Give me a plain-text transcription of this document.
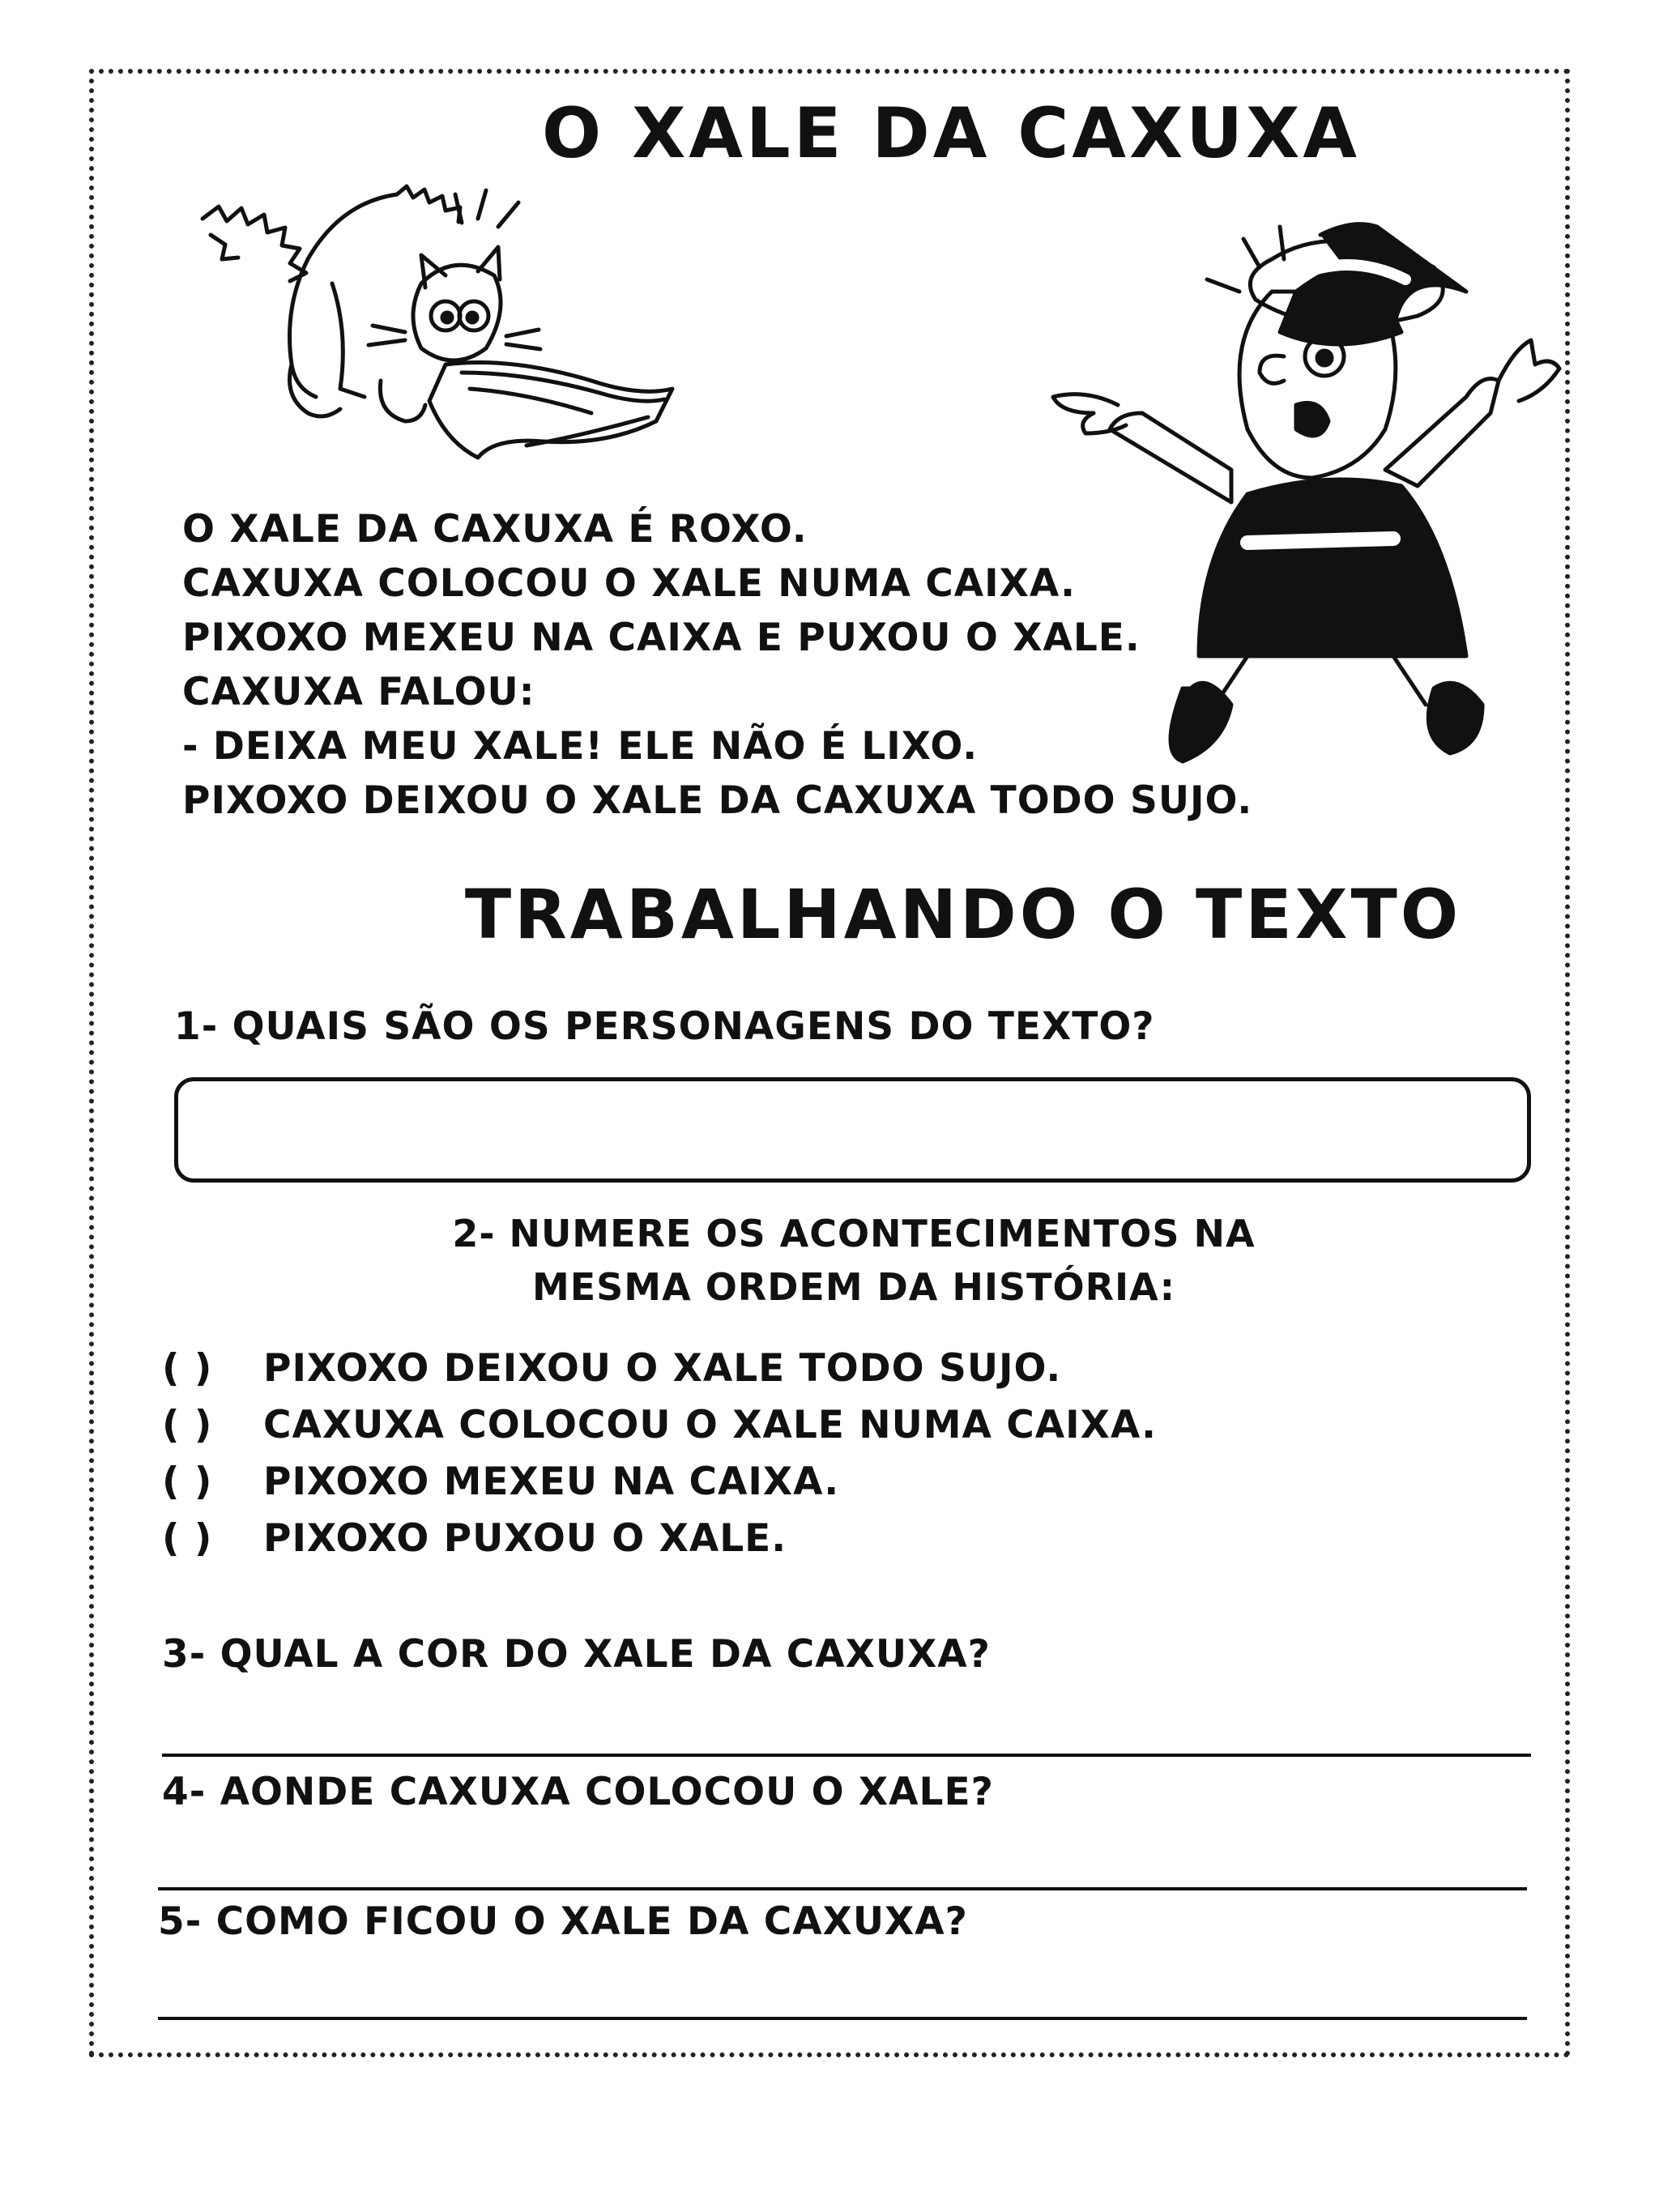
O XALE DA CAXUXA
O XALE DA CAXUXA É ROXO.
CAXUXA COLOCOU O XALE NUMA CAIXA.
PIXOXO MEXEU NA CAIXA E PUXOU O XALE.
CAXUXA FALOU:
- DEIXA MEU XALE! ELE NÃO É LIXO.
PIXOXO DEIXOU O XALE DA CAXUXA TODO SUJO.
TRABALHANDO O TEXTO
1- QUAIS SÃO OS PERSONAGENS DO TEXTO?
2- NUMERE OS ACONTECIMENTOS NA
MESMA ORDEM DA HISTÓRIA:
( )	PIXOXO DEIXOU O XALE TODO SUJO.
( )	CAXUXA COLOCOU O XALE NUMA CAIXA.
( )	PIXOXO MEXEU NA CAIXA.
( )	PIXOXO PUXOU O XALE.
3- QUAL A COR DO XALE DA CAXUXA?
4- AONDE CAXUXA COLOCOU O XALE?
5- COMO FICOU O XALE DA CAXUXA?
